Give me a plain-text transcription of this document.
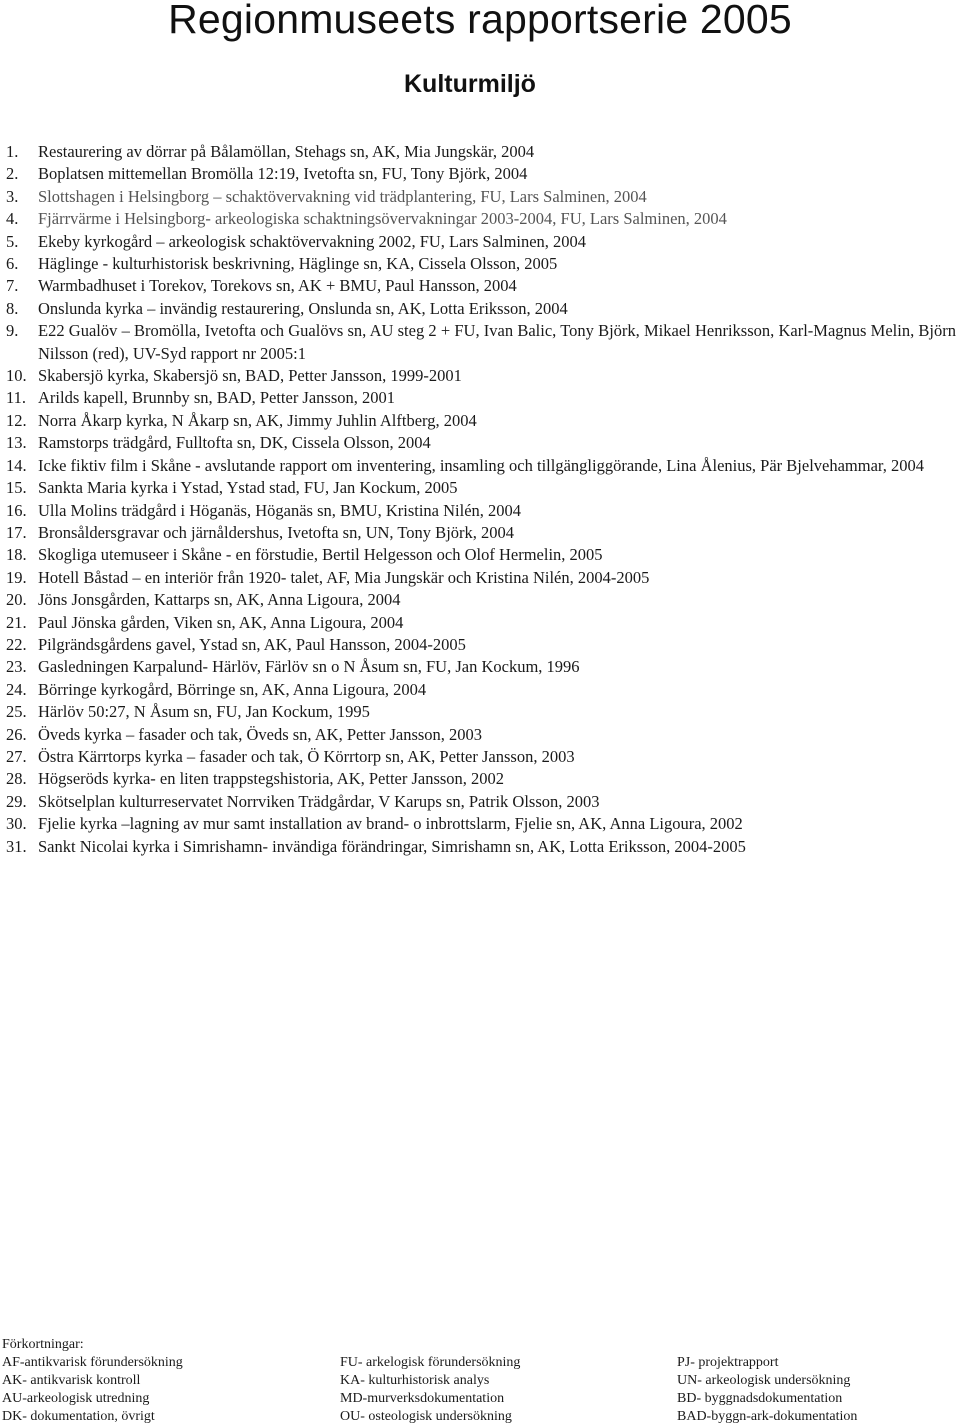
Regionmuseets rapportserie 2005
Kulturmiljö
1.	Restaurering av dörrar på Bålamöllan, Stehags sn, AK, Mia Jungskär, 2004
2.	Boplatsen mittemellan Bromölla 12:19, Ivetofta sn, FU, Tony Björk, 2004
3.	Slottshagen i Helsingborg – schaktövervakning vid trädplantering, FU, Lars Salminen, 2004
4.	Fjärrvärme i Helsingborg- arkeologiska schaktningsövervakningar 2003-2004, FU, Lars Salminen, 2004
5.	Ekeby kyrkogård – arkeologisk schaktövervakning 2002, FU, Lars Salminen, 2004
6.	Häglinge - kulturhistorisk beskrivning, Häglinge sn, KA, Cissela Olsson, 2005
7.	Warmbadhuset i Torekov, Torekovs sn, AK + BMU, Paul Hansson, 2004
8.	Onslunda kyrka – invändig restaurering, Onslunda sn, AK, Lotta Eriksson, 2004
9.	E22 Gualöv – Bromölla, Ivetofta och Gualövs sn, AU steg 2 + FU, Ivan Balic, Tony Björk, Mikael Henriksson, Karl-Magnus Melin, Björn Nilsson (red), UV-Syd rapport nr 2005:1
10. Skabersjö kyrka, Skabersjö sn, BAD, Petter Jansson, 1999-2001
11. Arilds kapell, Brunnby sn, BAD, Petter Jansson, 2001
12. Norra Åkarp kyrka, N Åkarp sn, AK, Jimmy Juhlin Alftberg, 2004
13. Ramstorps trädgård, Fulltofta sn, DK, Cissela Olsson, 2004
14. Icke fiktiv film i Skåne - avslutande rapport om inventering, insamling och tillgängliggörande, Lina Ålenius, Pär Bjelvehammar, 2004
15. Sankta Maria kyrka i Ystad, Ystad stad, FU, Jan Kockum, 2005
16. Ulla Molins trädgård i Höganäs, Höganäs sn, BMU, Kristina Nilén, 2004
17. Bronsåldersgravar och järnåldershus, Ivetofta sn, UN, Tony Björk, 2004
18. Skogliga utemuseer i Skåne - en förstudie, Bertil Helgesson och Olof Hermelin, 2005
19. Hotell Båstad – en interiör från 1920- talet, AF, Mia Jungskär och Kristina Nilén, 2004-2005
20. Jöns Jonsgården, Kattarps sn, AK, Anna Ligoura, 2004
21. Paul Jönska gården, Viken sn, AK, Anna Ligoura, 2004
22. Pilgrändsgårdens gavel, Ystad sn, AK, Paul Hansson, 2004-2005
23. Gasledningen Karpalund- Härlöv, Färlöv sn o N Åsum sn, FU, Jan Kockum, 1996
24. Börringe kyrkogård, Börringe sn, AK, Anna Ligoura, 2004
25. Härlöv 50:27, N Åsum sn, FU, Jan Kockum, 1995
26. Öveds kyrka – fasader och tak, Öveds sn, AK, Petter Jansson, 2003
27. Östra Kärrtorps kyrka – fasader och tak, Ö Körrtorp sn, AK, Petter Jansson, 2003
28. Högseröds kyrka- en liten trappstegshistoria, AK, Petter Jansson, 2002
29. Skötselplan kulturreservatet Norrviken Trädgårdar, V Karups sn, Patrik Olsson, 2003
30. Fjelie kyrka –lagning av mur samt installation av brand- o inbrottslarm, Fjelie sn, AK, Anna Ligoura, 2002
31. Sankt Nicolai kyrka i Simrishamn- invändiga förändringar, Simrishamn sn, AK, Lotta Eriksson, 2004-2005
Förkortningar:
AF-antikvarisk förundersökning	FU- arkelogisk förundersökning	PJ- projektrapport
AK- antikvarisk kontroll	KA- kulturhistorisk analys	UN- arkeologisk undersökning
AU-arkeologisk utredning	MD-murverksdokumentation	BD- byggnadsdokumentation
DK- dokumentation, övrigt	OU- osteologisk undersökning	BAD-byggn-ark-dokumentation
